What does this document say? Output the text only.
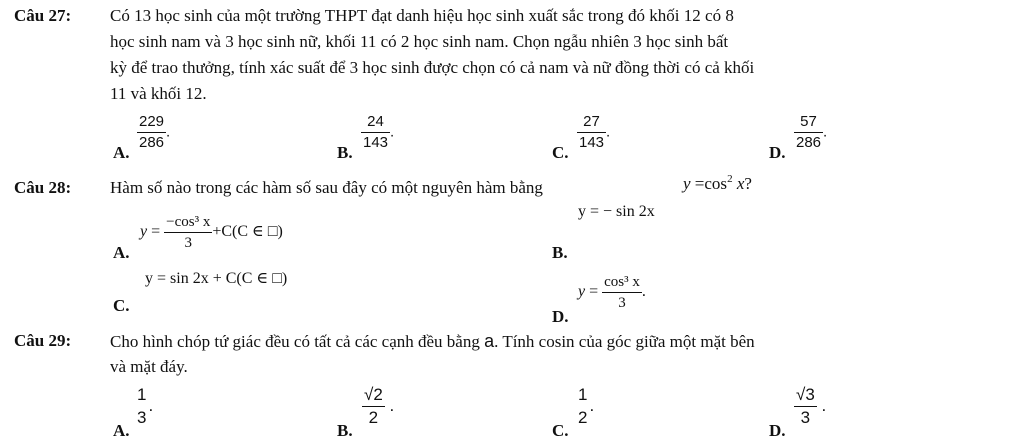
Câu 27: Có 13 học sinh của một trường THPT đạt danh hiệu học sinh xuất sắc trong đó khối 12 có 8
học sinh nam và 3 học sinh nữ, khối 11 có 2 học sinh nam. Chọn ngẫu nhiên 3 học sinh bất
kỳ để trao thưởng, tính xác suất để 3 học sinh được chọn có cả nam và nữ đồng thời có cả khối
11 và khối 12.
A. $\frac{229}{286}$ .
B. $\frac{24}{143}$ .
C. $\frac{27}{143}$ .
D. $\frac{57}{286}$ .
Câu 28: Hàm số nào trong các hàm số sau đây có một nguyên hàm bằng	$y =\cos^2$ x?
A.
$y = \frac{\text{−cos³ x}}{3} +C(C$ ∈ □)
y = − sin 2x
B.
y = sin 2x + C(C ∈ □)
C.
D.
$y = \frac{\text{cos³ x}}{3}$ .
Câu 29: Cho hình chóp tứ giác đều có tất cả các cạnh đều bằng a. Tính cosin của góc giữa một mặt bên
và mặt đáy.
A.
$\frac{1}{3}$ .
B.
$\frac{√2}{2}$ .
C.
$\frac{1}{2}$ .
D.
$\frac{√3}{3}$ .
